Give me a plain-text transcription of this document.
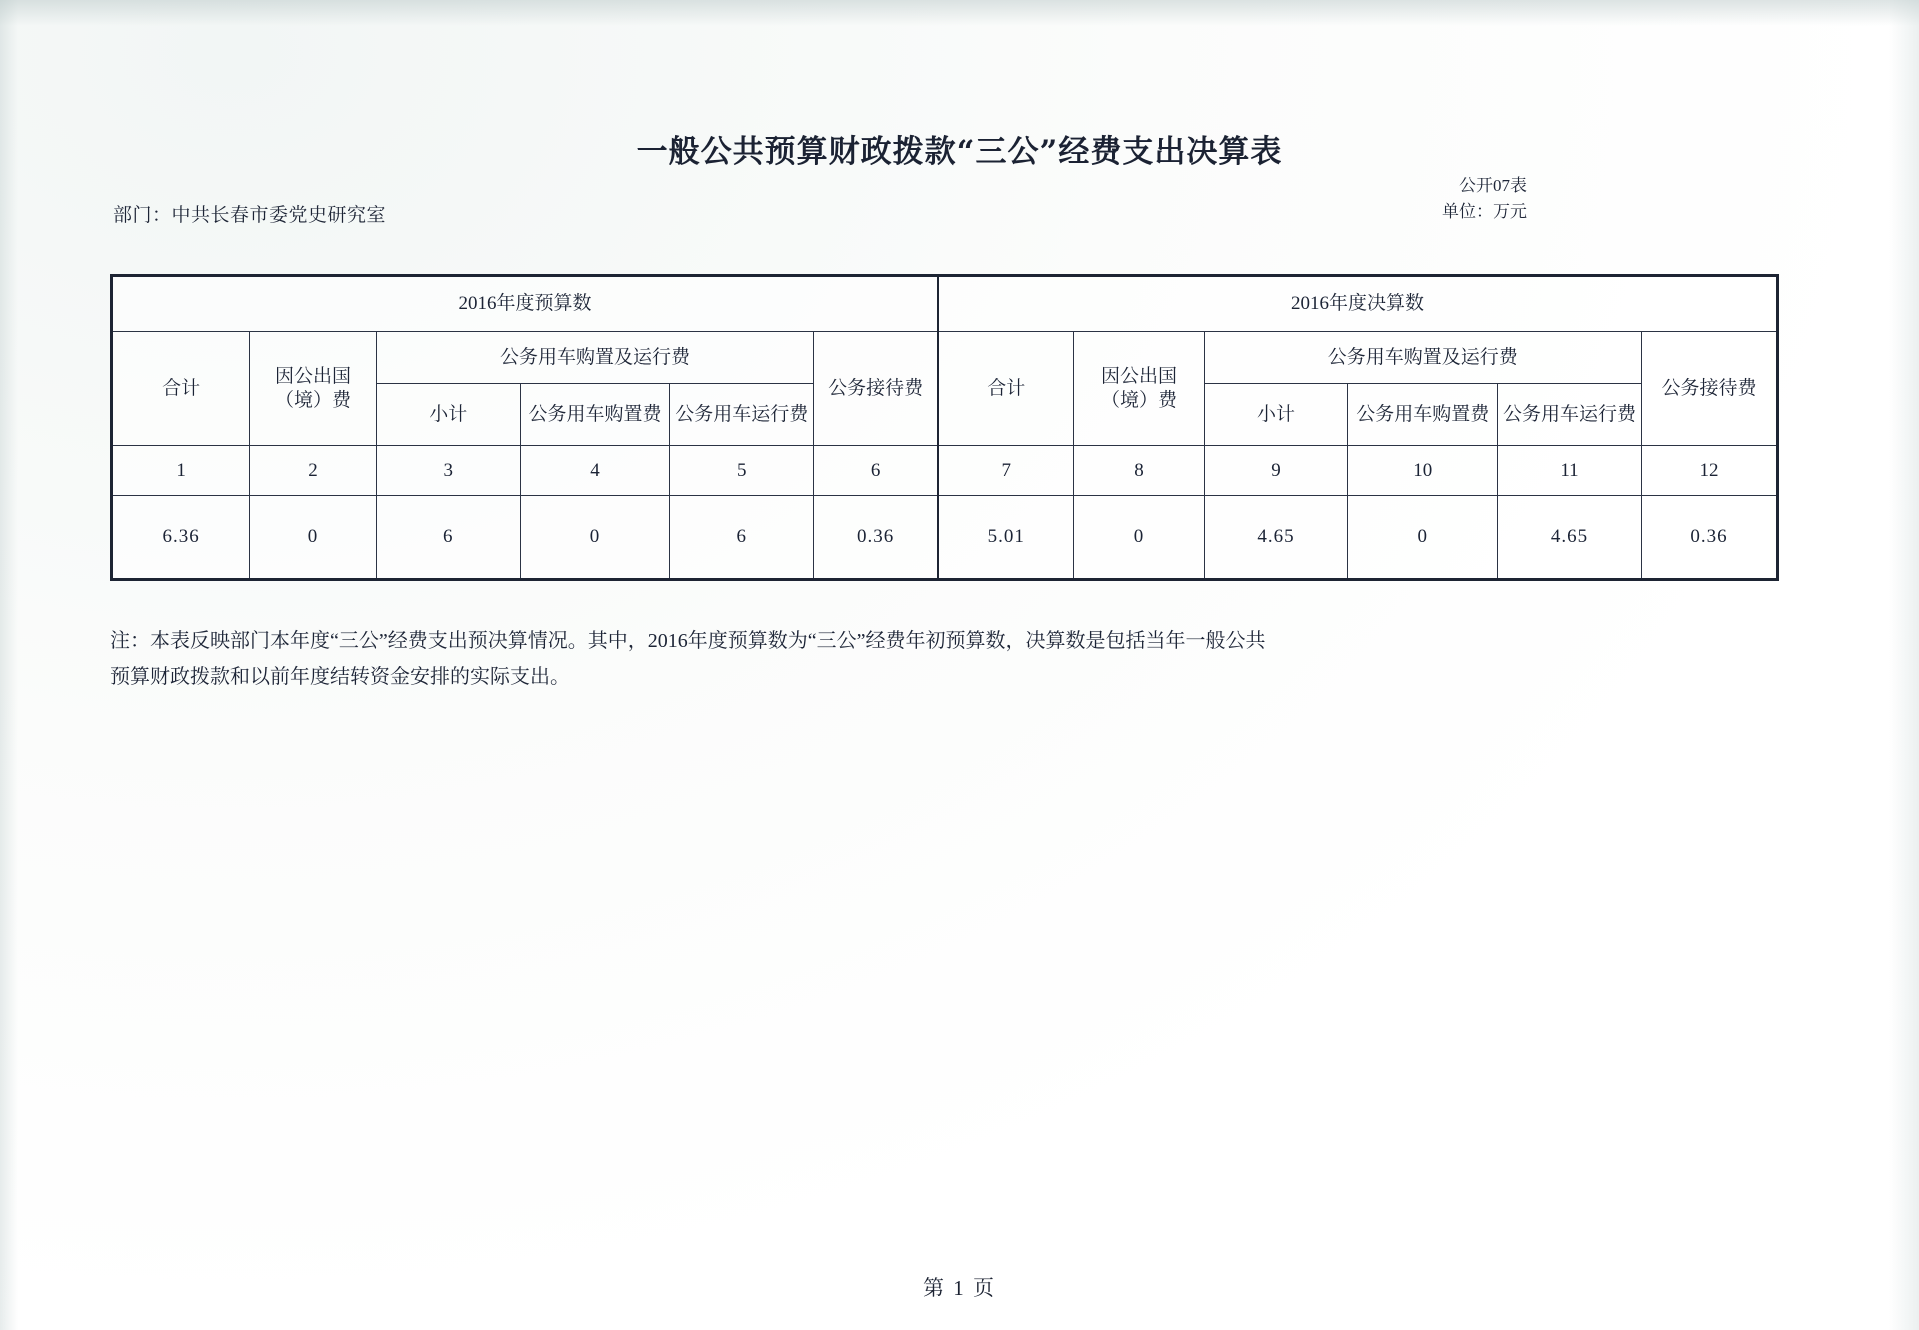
一般公共预算财政拨款“三公”经费支出决算表
公开07表
单位：万元
部门：中共长春市委党史研究室
2016年度预算数						2016年度决算数					
合计	因公出国（境）费	公务用车购置及运行费			公务接待费	合计	因公出国（境）费	公务用车购置及运行费			公务接待费
		小计	公务用车购置费	公务用车运行费				小计	公务用车购置费	公务用车运行费	
1	2	3	4	5	6	7	8	9	10	11	12
6.36	0	6	0	6	0.36	5.01	0	4.65	0	4.65	0.36
注：本表反映部门本年度“三公”经费支出预决算情况。其中，2016年度预算数为“三公”经费年初预算数，决算数是包括当年一般公共
预算财政拨款和以前年度结转资金安排的实际支出。
第 1 页
